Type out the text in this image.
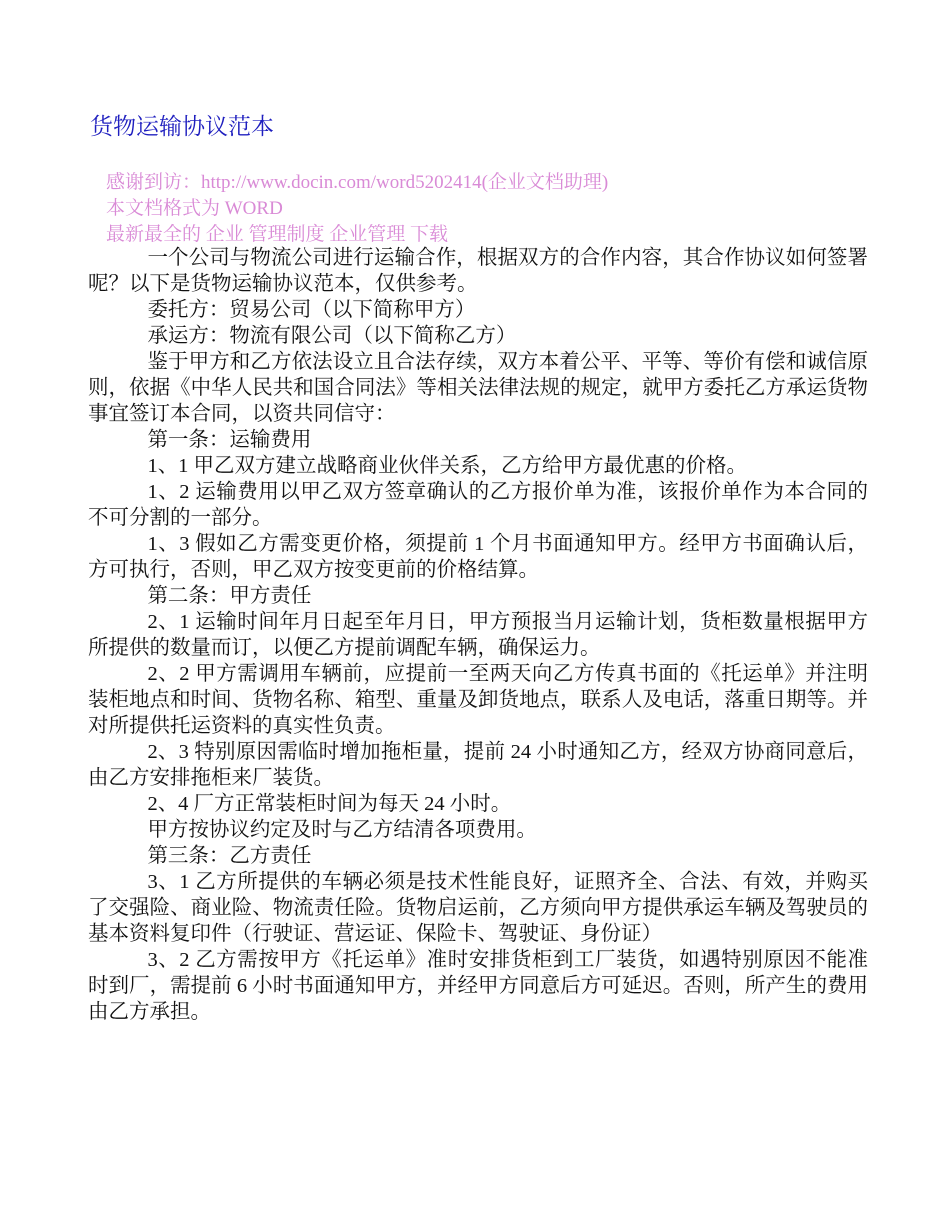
货物运输协议范本
感谢到访：http://www.docin.com/word5202414(企业文档助理)
本文档格式为 WORD
最新最全的 企业 管理制度 企业管理 下载

一个公司与物流公司进行运输合作，根据双方的合作内容，其合作协议如何签署呢？以下是货物运输协议范本，仅供参考。

委托方：贸易公司（以下简称甲方）

承运方：物流有限公司（以下简称乙方）

鉴于甲方和乙方依法设立且合法存续，双方本着公平、平等、等价有偿和诚信原则，依据《中华人民共和国合同法》等相关法律法规的规定，就甲方委托乙方承运货物事宜签订本合同，以资共同信守：

第一条：运输费用

1、1 甲乙双方建立战略商业伙伴关系，乙方给甲方最优惠的价格。

1、2 运输费用以甲乙双方签章确认的乙方报价单为准，该报价单作为本合同的不可分割的一部分。

1、3 假如乙方需变更价格，须提前 1 个月书面通知甲方。经甲方书面确认后，方可执行，否则，甲乙双方按变更前的价格结算。

第二条：甲方责任

2、1 运输时间年月日起至年月日，甲方预报当月运输计划，货柜数量根据甲方所提供的数量而订，以便乙方提前调配车辆，确保运力。

2、2 甲方需调用车辆前，应提前一至两天向乙方传真书面的《托运单》并注明装柜地点和时间、货物名称、箱型、重量及卸货地点，联系人及电话，落重日期等。并对所提供托运资料的真实性负责。

2、3 特别原因需临时增加拖柜量，提前 24 小时通知乙方，经双方协商同意后，由乙方安排拖柜来厂装货。

2、4 厂方正常装柜时间为每天 24 小时。

甲方按协议约定及时与乙方结清各项费用。

第三条：乙方责任

3、1 乙方所提供的车辆必须是技术性能良好，证照齐全、合法、有效，并购买了交强险、商业险、物流责任险。货物启运前，乙方须向甲方提供承运车辆及驾驶员的基本资料复印件（行驶证、营运证、保险卡、驾驶证、身份证）

3、2 乙方需按甲方《托运单》准时安排货柜到工厂装货，如遇特别原因不能准时到厂，需提前 6 小时书面通知甲方，并经甲方同意后方可延迟。否则，所产生的费用由乙方承担。
